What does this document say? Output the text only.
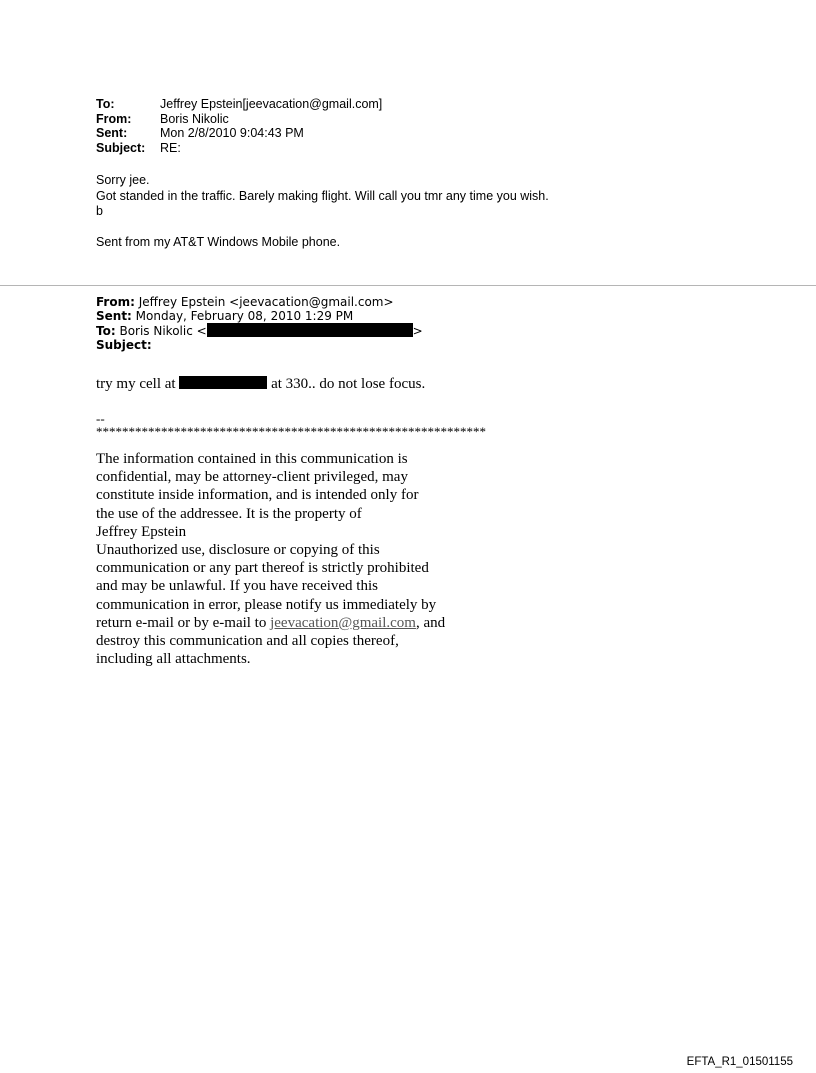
To:	Jeffrey Epstein[jeevacation@gmail.com]
From:	Boris Nikolic
Sent:	Mon 2/8/2010 9:04:43 PM
Subject:	RE:
Sorry jee.
Got standed in the traffic. Barely making flight. Will call you tmr any time you wish.
b
Sent from my AT&T Windows Mobile phone.
From: Jeffrey Epstein <jeevacation@gmail.com>
Sent: Monday, February 08, 2010 1:29 PM
To: Boris Nikolic <	>
Subject:
try my cell at	at 330.. do not lose focus.
--
************************************************************
The information contained in this communication is
confidential, may be attorney-client privileged, may
constitute inside information, and is intended only for
the use of the addressee. It is the property of
Jeffrey Epstein
Unauthorized use, disclosure or copying of this
communication or any part thereof is strictly prohibited
and may be unlawful. If you have received this
communication in error, please notify us immediately by
return e-mail or by e-mail to jeevacation@gmail.com, and
destroy this communication and all copies thereof,
including all attachments.
EFTA_R1_01501155
